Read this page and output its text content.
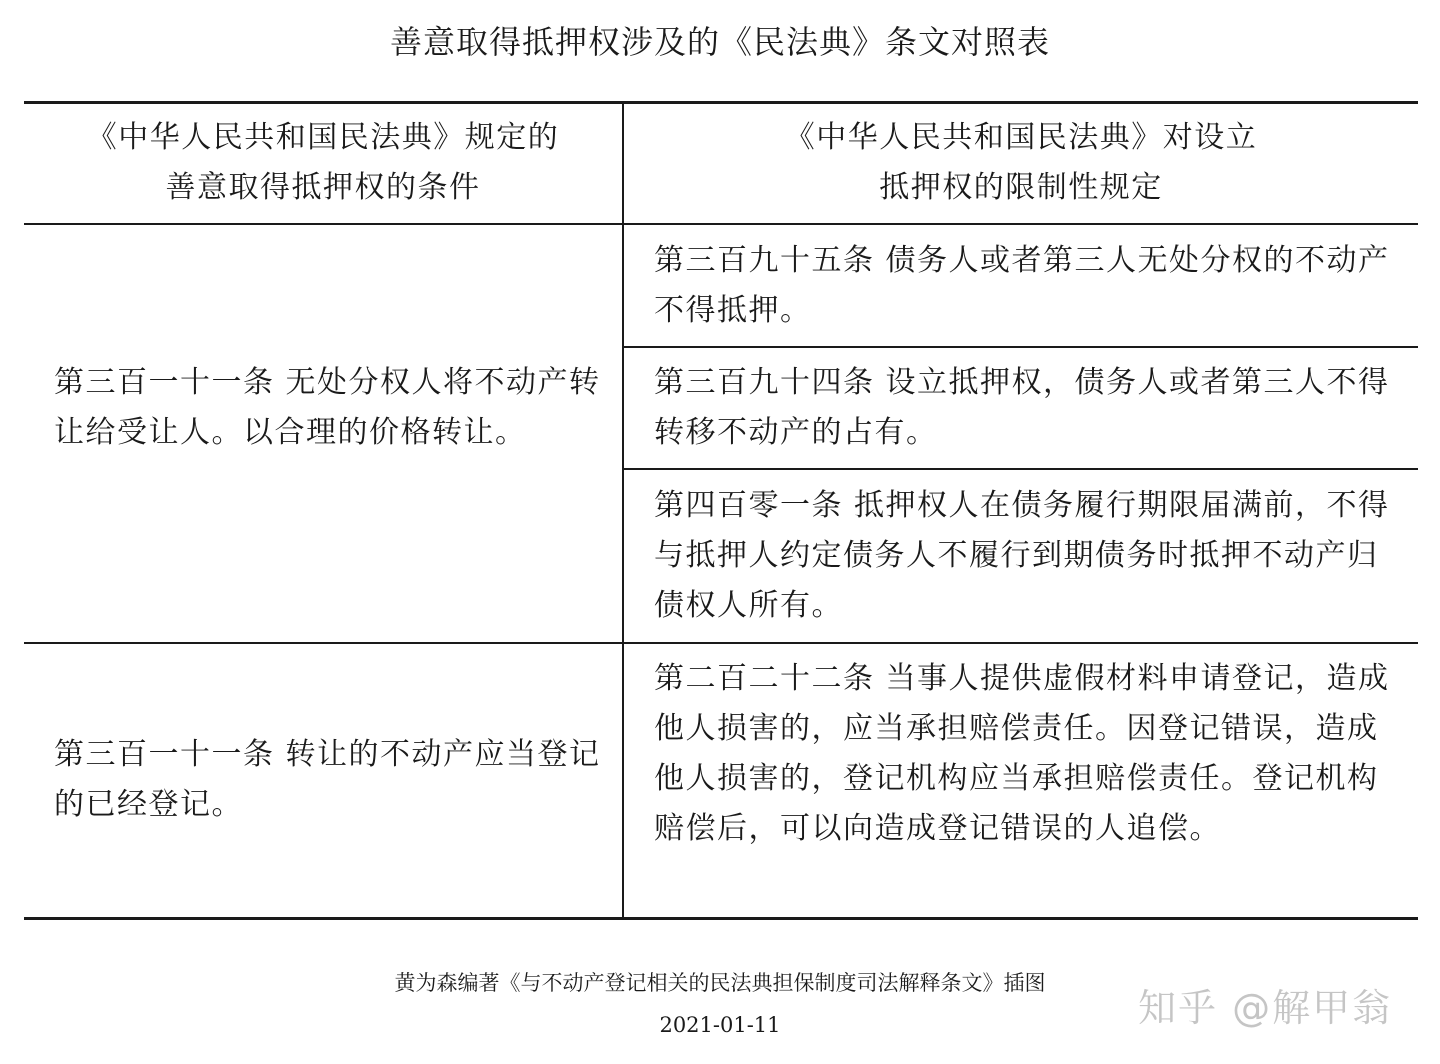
善意取得抵押权涉及的《民法典》条文对照表
《中华人民共和国民法典》规定的
善意取得抵押权的条件
《中华人民共和国民法典》对设立
抵押权的限制性规定
第三百一十一条 无处分权人将不动产转让给受让人。以合理的价格转让。
第三百九十五条 债务人或者第三人无处分权的不动产不得抵押。
第三百九十四条 设立抵押权，债务人或者第三人不得转移不动产的占有。
第四百零一条 抵押权人在债务履行期限届满前，不得与抵押人约定债务人不履行到期债务时抵押不动产归债权人所有。
第三百一十一条 转让的不动产应当登记的已经登记。
第二百二十二条 当事人提供虚假材料申请登记，造成他人损害的，应当承担赔偿责任。因登记错误，造成他人损害的，登记机构应当承担赔偿责任。登记机构赔偿后，可以向造成登记错误的人追偿。
黄为森编著《与不动产登记相关的民法典担保制度司法解释条文》插图
2021-01-11	知乎 @解甲翁
